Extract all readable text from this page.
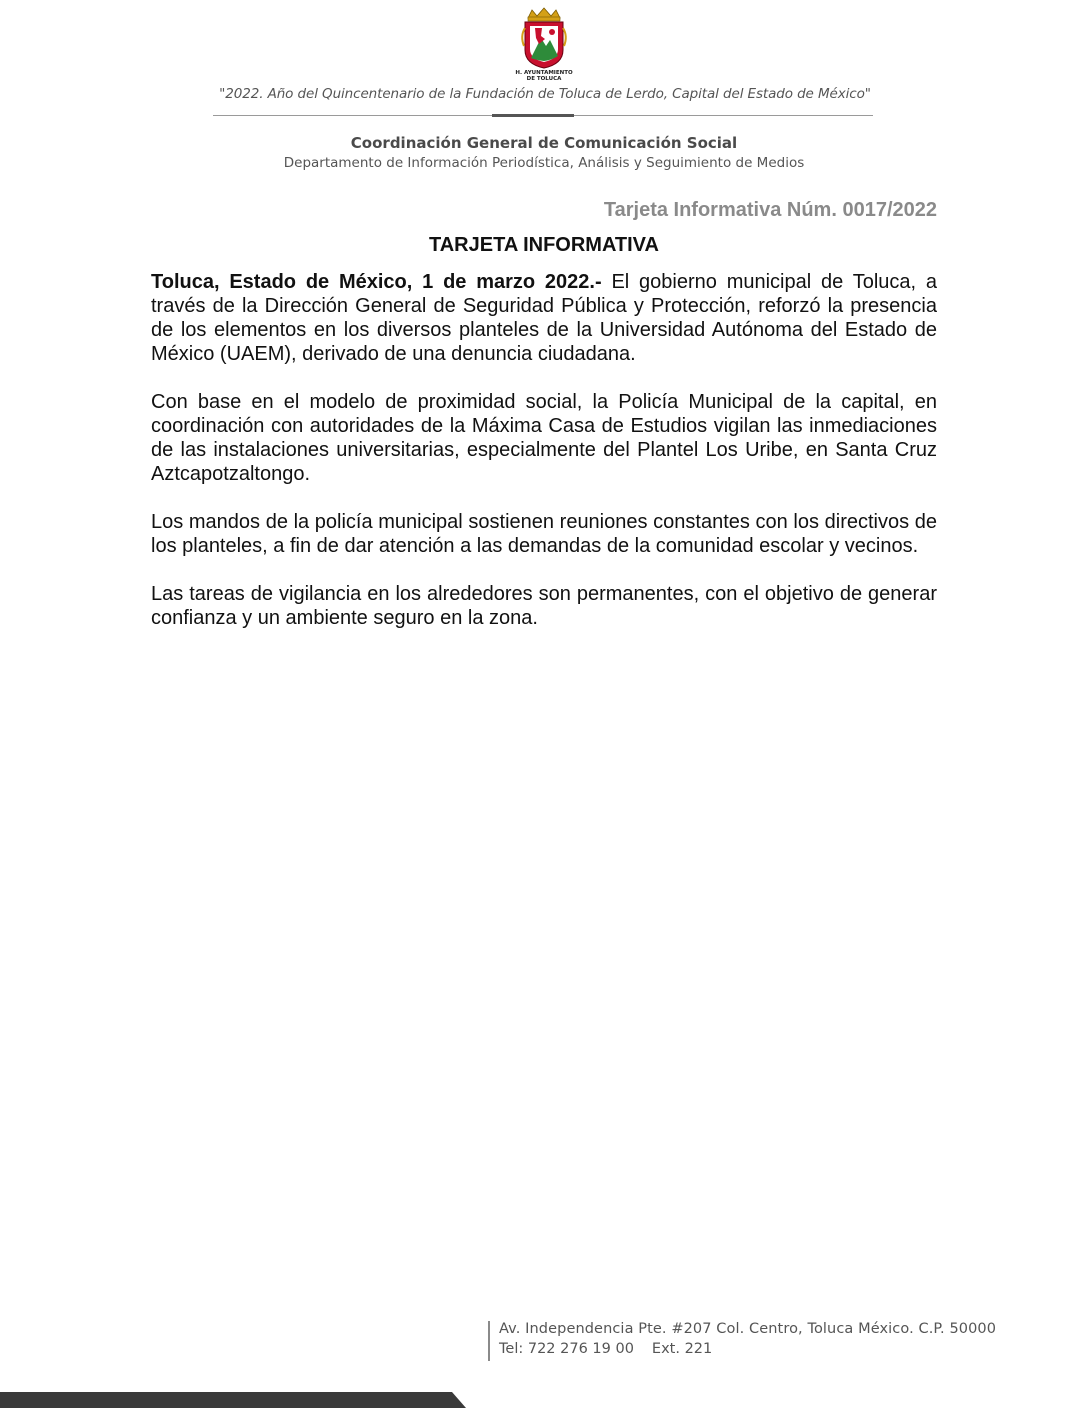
H. AYUNTAMIENTO
DE TOLUCA
"2022. Año del Quincentenario de la Fundación de Toluca de Lerdo, Capital del Estado de México"
Coordinación General de Comunicación Social
Departamento de Información Periodística, Análisis y Seguimiento de Medios
Tarjeta Informativa Núm. 0017/2022
TARJETA INFORMATIVA

Toluca, Estado de México, 1 de marzo 2022.- El gobierno municipal de Toluca, a través de la Dirección General de Seguridad Pública y Protección, reforzó la presencia de los elementos en los diversos planteles de la Universidad Autónoma del Estado de México (UAEM), derivado de una denuncia ciudadana.

Con base en el modelo de proximidad social, la Policía Municipal de la capital, en coordinación con autoridades de la Máxima Casa de Estudios vigilan las inmediaciones de las instalaciones universitarias, especialmente del Plantel Los Uribe, en Santa Cruz Aztcapotzaltongo.

Los mandos de la policía municipal sostienen reuniones constantes con los directivos de los planteles, a fin de dar atención a las demandas de la comunidad escolar y vecinos.

Las tareas de vigilancia en los alrededores son permanentes, con el objetivo de generar confianza y un ambiente seguro en la zona.

Av. Independencia Pte. #207 Col. Centro, Toluca México. C.P. 50000
Tel: 722 276 19 00 Ext. 221
